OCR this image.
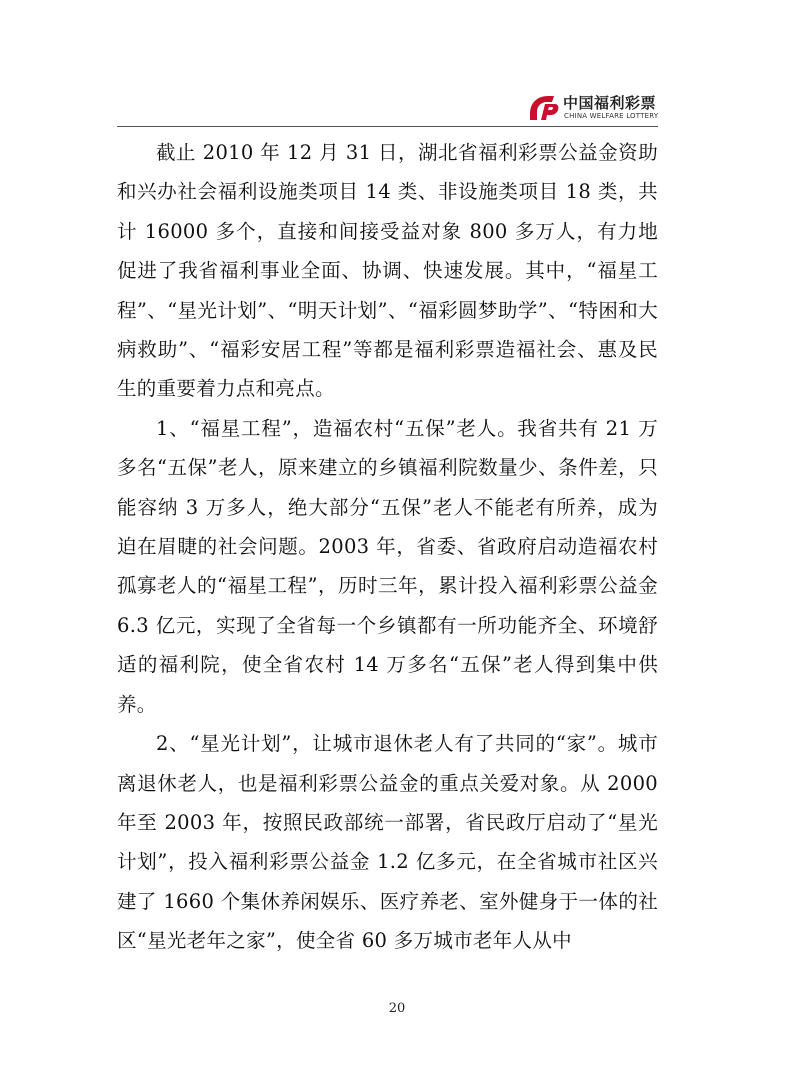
中国福利彩票
CHINA WELFARE LOTTERY

截止 2010 年 12 月 31 日，湖北省福利彩票公益金资助和兴办社会福利设施类项目 14 类、非设施类项目 18 类，共计 16000 多个，直接和间接受益对象 800 多万人，有力地促进了我省福利事业全面、协调、快速发展。其中，“福星工程”、“星光计划”、“明天计划”、“福彩圆梦助学”、“特困和大病救助”、“福彩安居工程”等都是福利彩票造福社会、惠及民生的重要着力点和亮点。

1、“福星工程”，造福农村“五保”老人。我省共有 21 万多名“五保”老人，原来建立的乡镇福利院数量少、条件差，只能容纳 3 万多人，绝大部分“五保”老人不能老有所养，成为迫在眉睫的社会问题。2003 年，省委、省政府启动造福农村孤寡老人的“福星工程”，历时三年，累计投入福利彩票公益金 6.3 亿元，实现了全省每一个乡镇都有一所功能齐全、环境舒适的福利院，使全省农村 14 万多名“五保”老人得到集中供养。

2、“星光计划”，让城市退休老人有了共同的“家”。城市离退休老人，也是福利彩票公益金的重点关爱对象。从 2000 年至 2003 年，按照民政部统一部署，省民政厅启动了“星光计划”，投入福利彩票公益金 1.2 亿多元，在全省城市社区兴建了 1660 个集休养闲娱乐、医疗养老、室外健身于一体的社区“星光老年之家”，使全省 60 多万城市老年人从中

20
